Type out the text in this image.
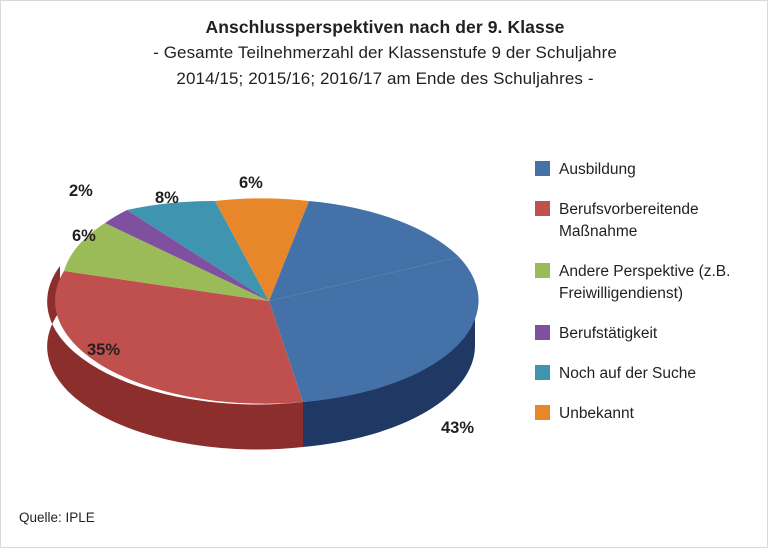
Anschlussperspektiven nach der 9. Klasse
- Gesamte Teilnehmerzahl der Klassenstufe 9 der Schuljahre
2014/15; 2015/16; 2016/17 am Ende des Schuljahres -
43%
35%
6%
2%	8%
6%
Ausbildung
Berufsvorbereitende Maßnahme
Andere Perspektive (z.B. Freiwilligendienst)
Berufstätigkeit
Noch auf der Suche
Unbekannt
Quelle: IPLE
